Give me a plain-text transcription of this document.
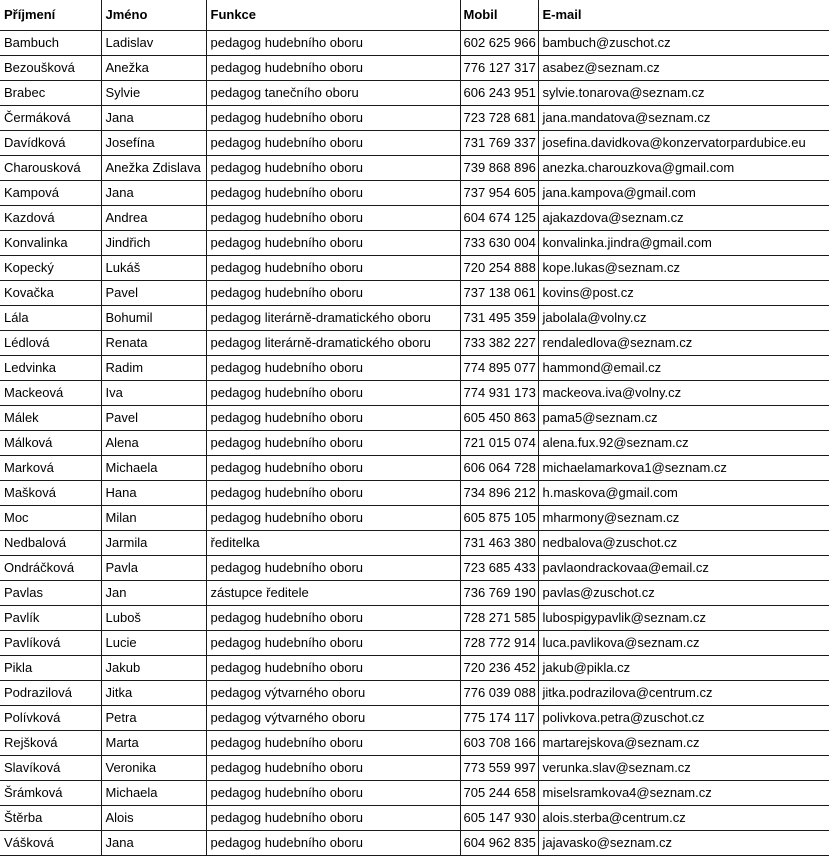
Příjmení	Jméno	Funkce	Mobil	E-mail
Bambuch	Ladislav	pedagog hudebního oboru	602 625 966	bambuch@zuschot.cz
Bezoušková	Anežka	pedagog hudebního oboru	776 127 317	asabez@seznam.cz
Brabec	Sylvie	pedagog tanečního oboru	606 243 951	sylvie.tonarova@seznam.cz
Čermáková	Jana	pedagog hudebního oboru	723 728 681	jana.mandatova@seznam.cz
Davídková	Josefína	pedagog hudebního oboru	731 769 337	josefina.davidkova@konzervatorpardubice.eu
Charousková	Anežka Zdislava	pedagog hudebního oboru	739 868 896	anezka.charouzkova@gmail.com
Kampová	Jana	pedagog hudebního oboru	737 954 605	jana.kampova@gmail.com
Kazdová	Andrea	pedagog hudebního oboru	604 674 125	ajakazdova@seznam.cz
Konvalinka	Jindřich	pedagog hudebního oboru	733 630 004	konvalinka.jindra@gmail.com
Kopecký	Lukáš	pedagog hudebního oboru	720 254 888	kope.lukas@seznam.cz
Kovačka	Pavel	pedagog hudebního oboru	737 138 061	kovins@post.cz
Lála	Bohumil	pedagog literárně-dramatického oboru	731 495 359	jabolala@volny.cz
Lédlová	Renata	pedagog literárně-dramatického oboru	733 382 227	rendaledlova@seznam.cz
Ledvinka	Radim	pedagog hudebního oboru	774 895 077	hammond@email.cz
Mackeová	Iva	pedagog hudebního oboru	774 931 173	mackeova.iva@volny.cz
Málek	Pavel	pedagog hudebního oboru	605 450 863	pama5@seznam.cz
Málková	Alena	pedagog hudebního oboru	721 015 074	alena.fux.92@seznam.cz
Marková	Michaela	pedagog hudebního oboru	606 064 728	michaelamarkova1@seznam.cz
Mašková	Hana	pedagog hudebního oboru	734 896 212	h.maskova@gmail.com
Moc	Milan	pedagog hudebního oboru	605 875 105	mharmony@seznam.cz
Nedbalová	Jarmila	ředitelka	731 463 380	nedbalova@zuschot.cz
Ondráčková	Pavla	pedagog hudebního oboru	723 685 433	pavlaondrackovaa@email.cz
Pavlas	Jan	zástupce ředitele	736 769 190	pavlas@zuschot.cz
Pavlík	Luboš	pedagog hudebního oboru	728 271 585	lubospigypavlik@seznam.cz
Pavlíková	Lucie	pedagog hudebního oboru	728 772 914	luca.pavlikova@seznam.cz
Pikla	Jakub	pedagog hudebního oboru	720 236 452	jakub@pikla.cz
Podrazilová	Jitka	pedagog výtvarného oboru	776 039 088	jitka.podrazilova@centrum.cz
Polívková	Petra	pedagog výtvarného oboru	775 174 117	polivkova.petra@zuschot.cz
Rejšková	Marta	pedagog hudebního oboru	603 708 166	martarejskova@seznam.cz
Slavíková	Veronika	pedagog hudebního oboru	773 559 997	verunka.slav@seznam.cz
Šrámková	Michaela	pedagog hudebního oboru	705 244 658	miselsramkova4@seznam.cz
Štěrba	Alois	pedagog hudebního oboru	605 147 930	alois.sterba@centrum.cz
Vášková	Jana	pedagog hudebního oboru	604 962 835	jajavasko@seznam.cz
